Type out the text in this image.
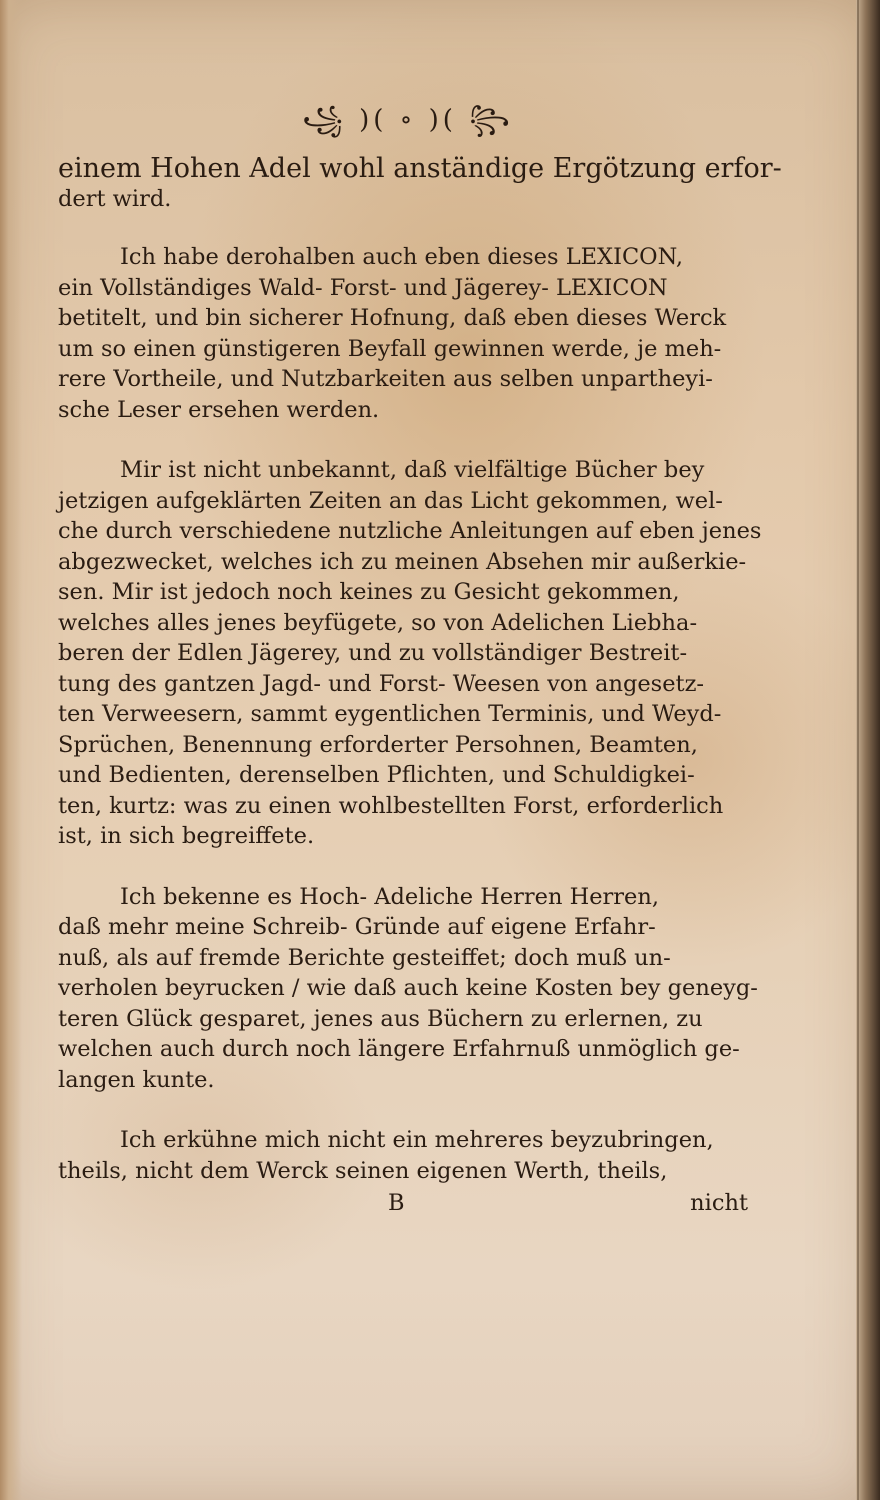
꧁ )( ∘ )( ꧂

einem Hohen Adel wohl anständige Ergötzung erfor-
dert wird.

Ich habe derohalben auch eben dieses LEXICON,
ein Vollständiges Wald- Forst- und Jägerey- LEXICON
betitelt, und bin sicherer Hofnung, daß eben dieses Werck
um so einen günstigeren Beyfall gewinnen werde, je meh-
rere Vortheile, und Nutzbarkeiten aus selben unpartheyi-
sche Leser ersehen werden.

Mir ist nicht unbekannt, daß vielfältige Bücher bey
jetzigen aufgeklärten Zeiten an das Licht gekommen, wel-
che durch verschiedene nutzliche Anleitungen auf eben jenes
abgezwecket, welches ich zu meinen Absehen mir außerkie-
sen. Mir ist jedoch noch keines zu Gesicht gekommen,
welches alles jenes beyfügete, so von Adelichen Liebha-
beren der Edlen Jägerey, und zu vollständiger Bestreit-
tung des gantzen Jagd- und Forst- Weesen von angesetz-
ten Verweesern, sammt eygentlichen Terminis, und Weyd-
Sprüchen, Benennung erforderter Persohnen, Beamten,
und Bedienten, derenselben Pflichten, und Schuldigkei-
ten, kurtz: was zu einen wohlbestellten Forst, erforderlich
ist, in sich begreiffete.

Ich bekenne es Hoch- Adeliche Herren Herren,
daß mehr meine Schreib- Gründe auf eigene Erfahr-
nuß, als auf fremde Berichte gesteiffet; doch muß un-
verholen beyrucken / wie daß auch keine Kosten bey geneyg-
teren Glück gesparet, jenes aus Büchern zu erlernen, zu
welchen auch durch noch längere Erfahrnuß unmöglich ge-
langen kunte.

Ich erkühne mich nicht ein mehreres beyzubringen,
theils, nicht dem Werck seinen eigenen Werth, theils,

B	nicht
